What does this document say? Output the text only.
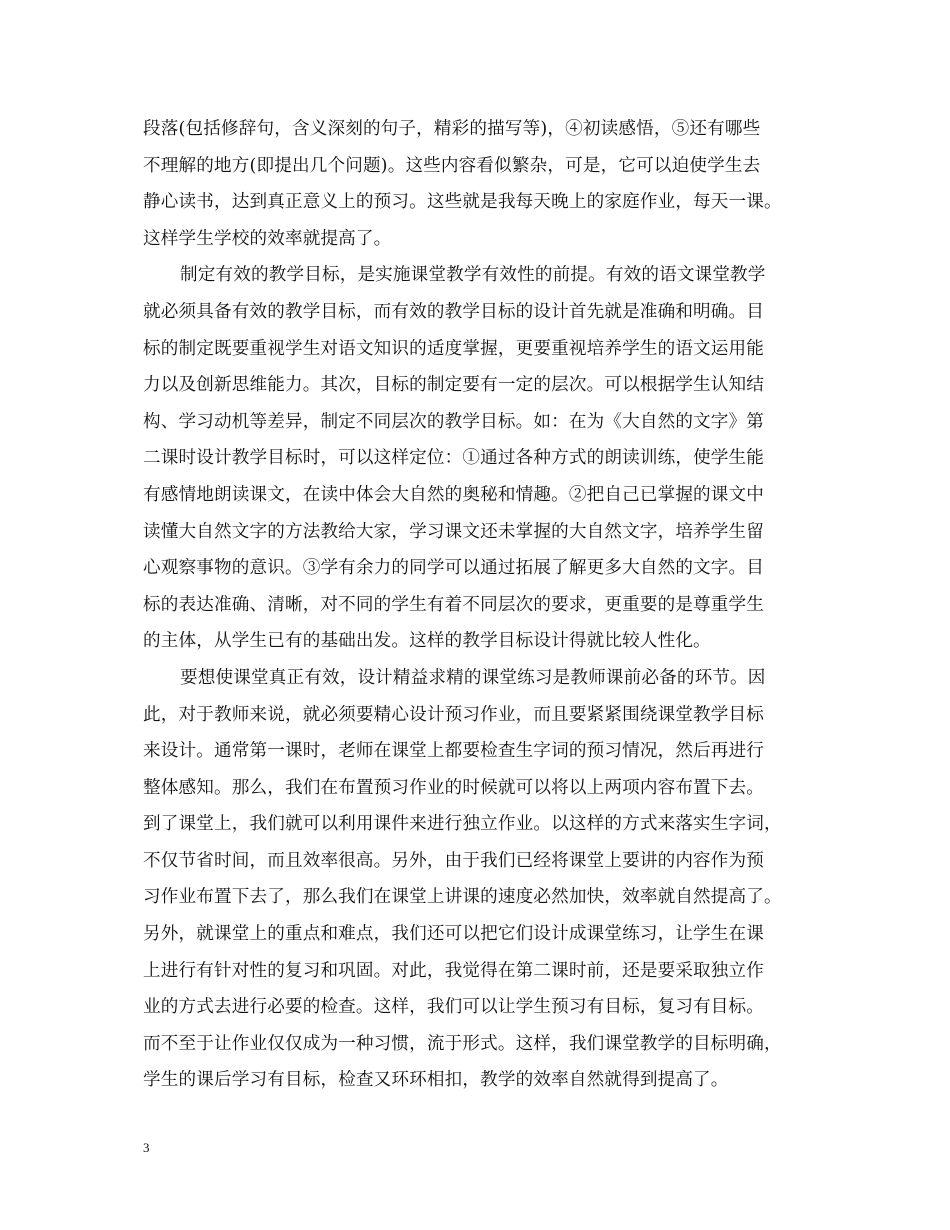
段落(包括修辞句，含义深刻的句子，精彩的描写等)，④初读感悟，⑤还有哪些
不理解的地方(即提出几个问题)。这些内容看似繁杂，可是，它可以迫使学生去
静心读书，达到真正意义上的预习。这些就是我每天晚上的家庭作业，每天一课。
这样学生学校的效率就提高了。
制定有效的教学目标，是实施课堂教学有效性的前提。有效的语文课堂教学
就必须具备有效的教学目标，而有效的教学目标的设计首先就是准确和明确。目
标的制定既要重视学生对语文知识的适度掌握，更要重视培养学生的语文运用能
力以及创新思维能力。其次，目标的制定要有一定的层次。可以根据学生认知结
构、学习动机等差异，制定不同层次的教学目标。如：在为《大自然的文字》第
二课时设计教学目标时，可以这样定位：①通过各种方式的朗读训练，使学生能
有感情地朗读课文，在读中体会大自然的奥秘和情趣。②把自己已掌握的课文中
读懂大自然文字的方法教给大家，学习课文还未掌握的大自然文字，培养学生留
心观察事物的意识。③学有余力的同学可以通过拓展了解更多大自然的文字。目
标的表达准确、清晰，对不同的学生有着不同层次的要求，更重要的是尊重学生
的主体，从学生已有的基础出发。这样的教学目标设计得就比较人性化。
要想使课堂真正有效，设计精益求精的课堂练习是教师课前必备的环节。因
此，对于教师来说，就必须要精心设计预习作业，而且要紧紧围绕课堂教学目标
来设计。通常第一课时，老师在课堂上都要检查生字词的预习情况，然后再进行
整体感知。那么，我们在布置预习作业的时候就可以将以上两项内容布置下去。
到了课堂上，我们就可以利用课件来进行独立作业。以这样的方式来落实生字词，
不仅节省时间，而且效率很高。另外，由于我们已经将课堂上要讲的内容作为预
习作业布置下去了，那么我们在课堂上讲课的速度必然加快，效率就自然提高了。
另外，就课堂上的重点和难点，我们还可以把它们设计成课堂练习，让学生在课
上进行有针对性的复习和巩固。对此，我觉得在第二课时前，还是要采取独立作
业的方式去进行必要的检查。这样，我们可以让学生预习有目标，复习有目标。
而不至于让作业仅仅成为一种习惯，流于形式。这样，我们课堂教学的目标明确，
学生的课后学习有目标，检查又环环相扣，教学的效率自然就得到提高了。
3
